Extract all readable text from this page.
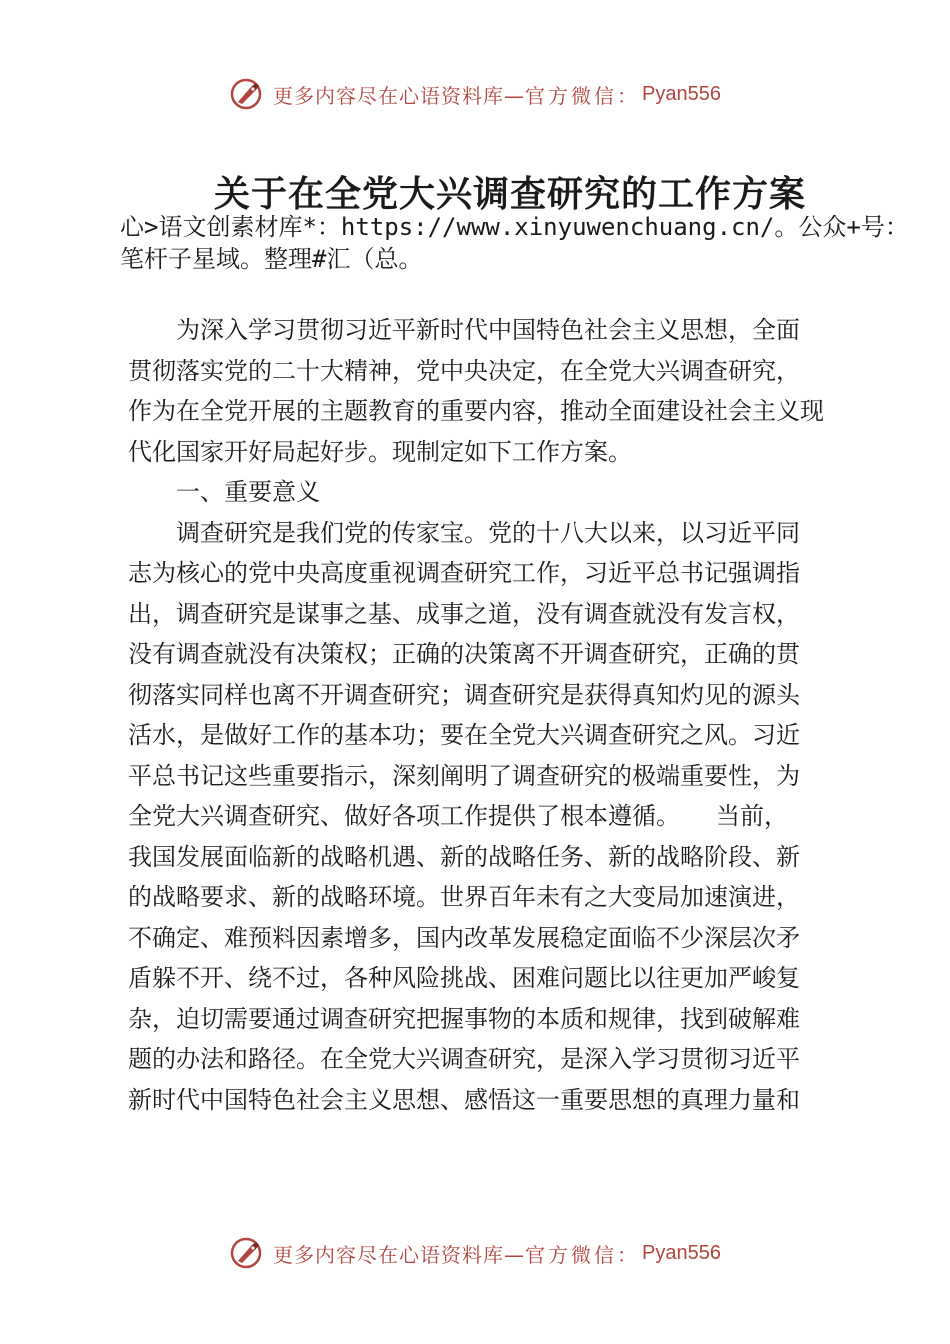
更多内容尽在心语资料库— 官方微信： Pyan556
关于在全党大兴调查研究的工作方案
心>语文创素材库*：https://www.xinyuwenchuang.cn/。公众+号：
笔杆子星域。整理#汇（总。
　　为深入学习贯彻习近平新时代中国特色社会主义思想，全面
贯彻落实党的二十大精神，党中央决定，在全党大兴调查研究，
作为在全党开展的主题教育的重要内容，推动全面建设社会主义现
代化国家开好局起好步。现制定如下工作方案。
　　一、重要意义
　　调查研究是我们党的传家宝。党的十八大以来，以习近平同
志为核心的党中央高度重视调查研究工作，习近平总书记强调指
出，调查研究是谋事之基、成事之道，没有调查就没有发言权，
没有调查就没有决策权；正确的决策离不开调查研究，正确的贯
彻落实同样也离不开调查研究；调查研究是获得真知灼见的源头
活水，是做好工作的基本功；要在全党大兴调查研究之风。习近
平总书记这些重要指示，深刻阐明了调查研究的极端重要性，为
全党大兴调查研究、做好各项工作提供了根本遵循。　　当前，
我国发展面临新的战略机遇、新的战略任务、新的战略阶段、新
的战略要求、新的战略环境。世界百年未有之大变局加速演进，
不确定、难预料因素增多，国内改革发展稳定面临不少深层次矛
盾躲不开、绕不过，各种风险挑战、困难问题比以往更加严峻复
杂，迫切需要通过调查研究把握事物的本质和规律，找到破解难
题的办法和路径。在全党大兴调查研究，是深入学习贯彻习近平
新时代中国特色社会主义思想、感悟这一重要思想的真理力量和
更多内容尽在心语资料库— 官方微信： Pyan556
